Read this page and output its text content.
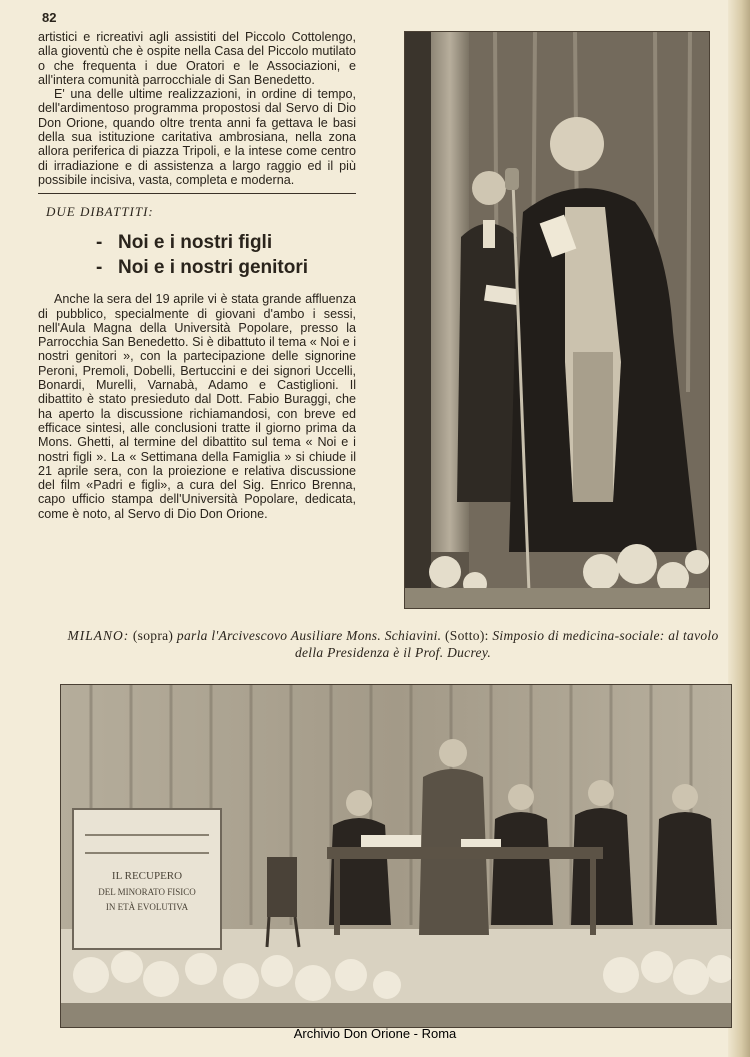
82

artistici e ricreativi agli assistiti del Piccolo Cottolengo, alla gioventù che è ospite nella Casa del Piccolo mutilato o che frequenta i due Oratori e le Associazioni, e all'intera comunità parrocchiale di San Benedetto.

E' una delle ultime realizzazioni, in ordine di tempo, dell'ardimentoso programma propostosi dal Servo di Dio Don Orione, quando oltre trenta anni fa gettava le basi della sua istituzione caritativa ambrosiana, nella zona allora periferica di piazza Tripoli, e la intese come centro di irradiazione e di assistenza a largo raggio ed il più possibile incisiva, vasta, completa e moderna.

DUE DIBATTITI:
- Noi e i nostri figli
- Noi e i nostri genitori

Anche la sera del 19 aprile vi è stata grande affluenza di pubblico, specialmente di giovani d'ambo i sessi, nell'Aula Magna della Università Popolare, presso la Parrocchia San Benedetto. Si è dibattuto il tema « Noi e i nostri genitori », con la partecipazione delle signorine Peroni, Premoli, Dobelli, Bertuccini e dei signori Uccelli, Bonardi, Murelli, Varnabà, Adamo e Castiglioni. Il dibattito è stato presieduto dal Dott. Fabio Buraggi, che ha aperto la discussione richiamandosi, con breve ed efficace sintesi, alle conclusioni tratte il giorno prima da Mons. Ghetti, al termine del dibattito sul tema « Noi e i nostri figli ». La « Settimana della Famiglia » si chiude il 21 aprile sera, con la proiezione e relativa discussione del film «Padri e figli», a cura del Sig. Enrico Brenna, capo ufficio stampa dell'Università Popolare, dedicata, come è noto, al Servo di Dio Don Orione.

MILANO: (sopra) parla l'Arcivescovo Ausiliare Mons. Schiavini. (Sotto): Simposio di medicina-sociale: al tavolo della Presidenza è il Prof. Ducrey.
IL RECUPERO
DEL MINORATO FISICO
IN ETÀ EVOLUTIVA
Archivio Don Orione - Roma
